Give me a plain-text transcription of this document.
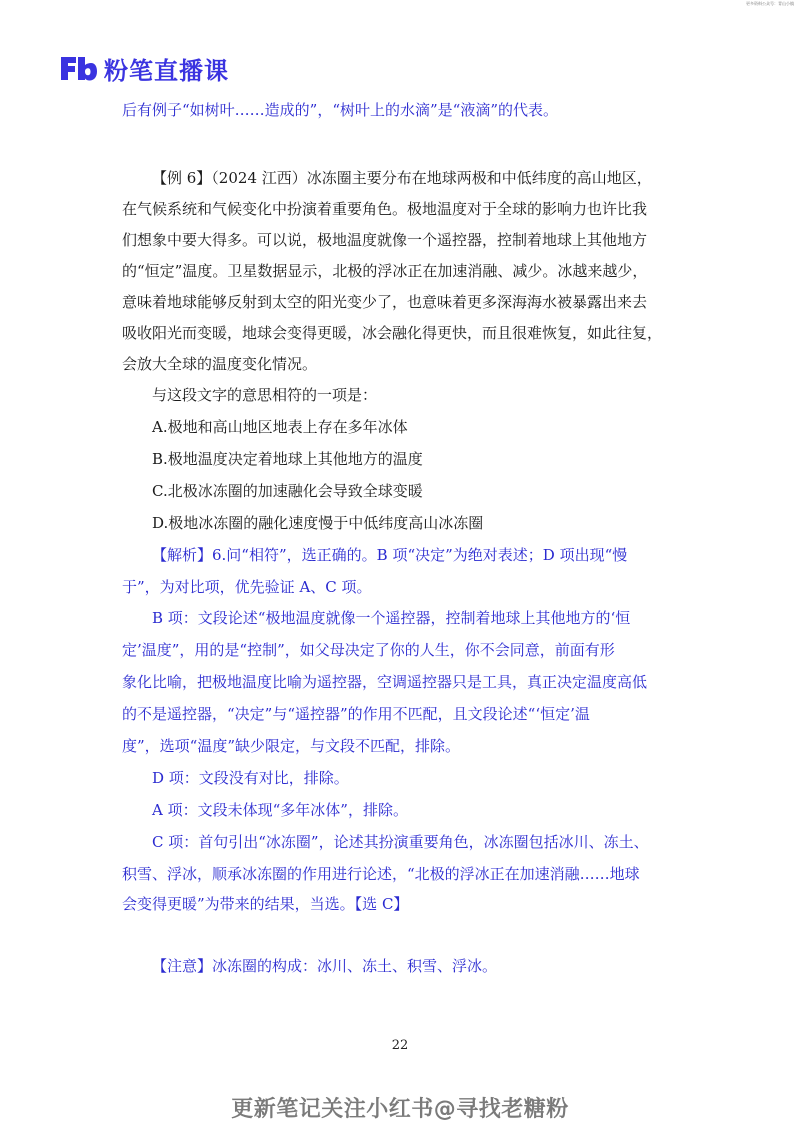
更多资料公众号：青山小镇
粉笔直播课
后有例子“如树叶……造成的”，“树叶上的水滴”是“液滴”的代表。
【例 6】（2024 江西）冰冻圈主要分布在地球两极和中低纬度的高山地区，
在气候系统和气候变化中扮演着重要角色。极地温度对于全球的影响力也许比我
们想象中要大得多。可以说，极地温度就像一个遥控器，控制着地球上其他地方
的“恒定”温度。卫星数据显示，北极的浮冰正在加速消融、减少。冰越来越少，
意味着地球能够反射到太空的阳光变少了，也意味着更多深海海水被暴露出来去
吸收阳光而变暖，地球会变得更暖，冰会融化得更快，而且很难恢复，如此往复，
会放大全球的温度变化情况。
与这段文字的意思相符的一项是：
A.极地和高山地区地表上存在多年冰体
B.极地温度决定着地球上其他地方的温度
C.北极冰冻圈的加速融化会导致全球变暖
D.极地冰冻圈的融化速度慢于中低纬度高山冰冻圈
【解析】6.问“相符”，选正确的。B 项“决定”为绝对表述；D 项出现“慢
于”，为对比项，优先验证 A、C 项。
B 项：文段论述“极地温度就像一个遥控器，控制着地球上其他地方的‘恒
定’温度”，用的是“控制”，如父母决定了你的人生，你不会同意，前面有形
象化比喻，把极地温度比喻为遥控器，空调遥控器只是工具，真正决定温度高低
的不是遥控器，“决定”与“遥控器”的作用不匹配，且文段论述“‘恒定’温
度”，选项“温度”缺少限定，与文段不匹配，排除。
D 项：文段没有对比，排除。
A 项：文段未体现“多年冰体”，排除。
C 项：首句引出“冰冻圈”，论述其扮演重要角色，冰冻圈包括冰川、冻土、
积雪、浮冰，顺承冰冻圈的作用进行论述，“北极的浮冰正在加速消融……地球
会变得更暖”为带来的结果，当选。【选 C】
【注意】冰冻圈的构成：冰川、冻土、积雪、浮冰。
22
更新笔记关注小红书@寻找老糖粉
